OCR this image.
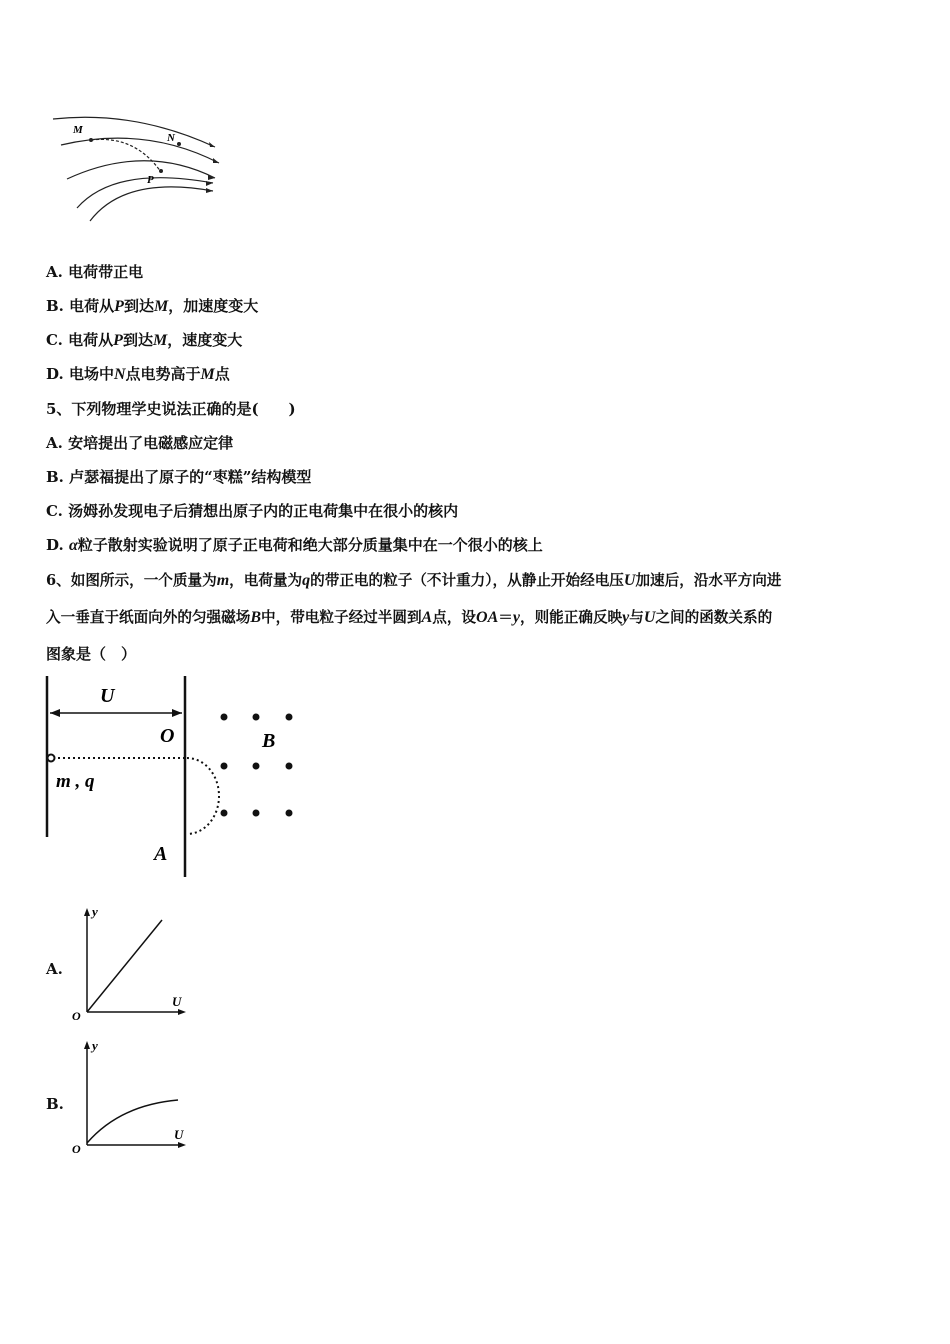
M
N
P
A. 电荷带正电
B. 电荷从P到达M，加速度变大
C. 电荷从P到达M，速度变大
D. 电场中N点电势高于M点
5、下列物理学史说法正确的是(　　)
A. 安培提出了电磁感应定律
B. 卢瑟福提出了原子的“枣糕”结构模型
C. 汤姆孙发现电子后猜想出原子内的正电荷集中在很小的核内
D. α粒子散射实验说明了原子正电荷和绝大部分质量集中在一个很小的核上
6、如图所示，一个质量为m，电荷量为q的带正电的粒子（不计重力），从静止开始经电压U加速后，沿水平方向进
入一垂直于纸面向外的匀强磁场B中，带电粒子经过半圆到A点，设OA＝y，则能正确反映y与U之间的函数关系的
图象是（　）
U
O	B
m , q
A
A.
y
U
O
B.
y
U
O
